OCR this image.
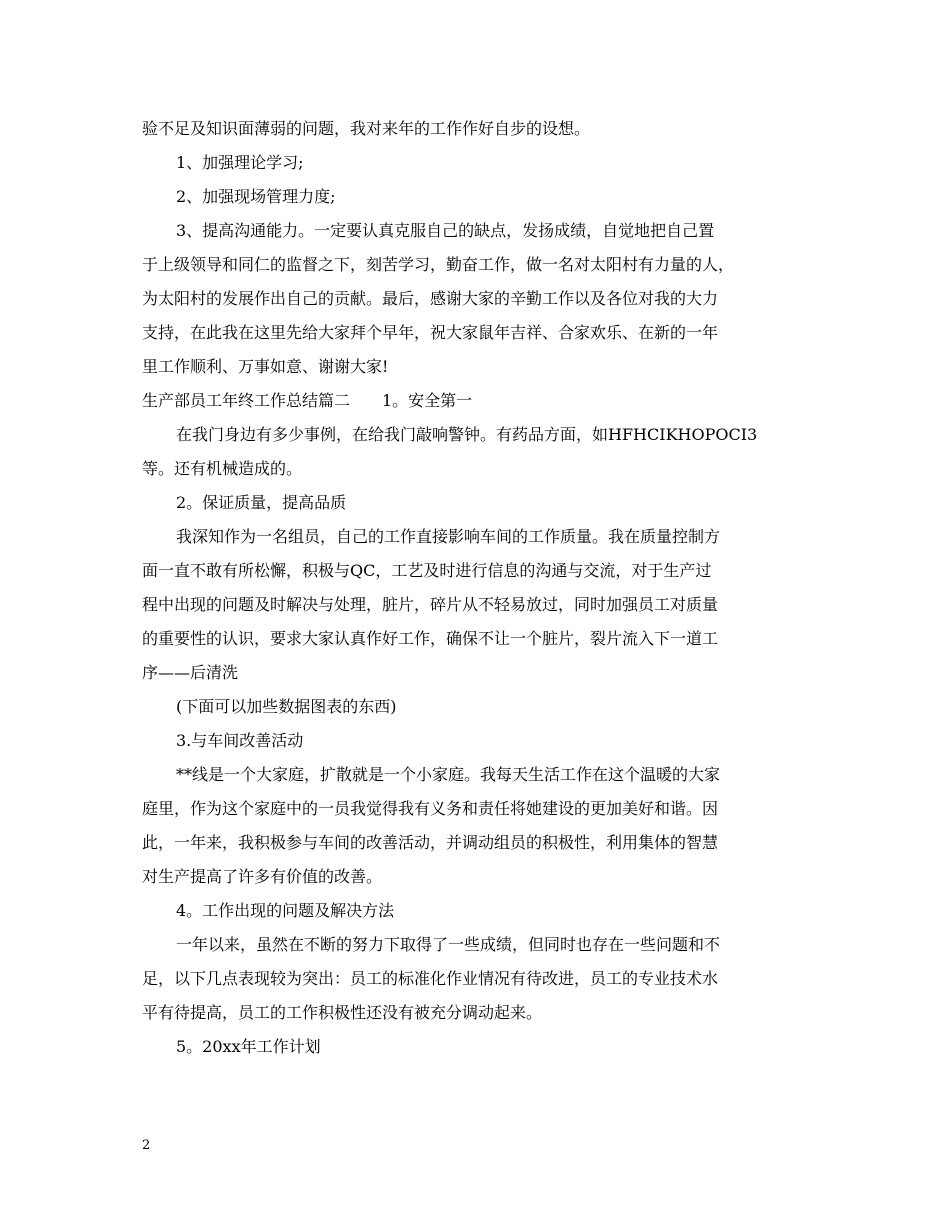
验不足及知识面薄弱的问题，我对来年的工作作好自步的设想。
1、加强理论学习;
2、加强现场管理力度;
3、提高沟通能力。一定要认真克服自己的缺点，发扬成绩，自觉地把自己置
于上级领导和同仁的监督之下，刻苦学习，勤奋工作，做一名对太阳村有力量的人，
为太阳村的发展作出自己的贡献。最后，感谢大家的辛勤工作以及各位对我的大力
支持，在此我在这里先给大家拜个早年，祝大家鼠年吉祥、合家欢乐、在新的一年
里工作顺利、万事如意、谢谢大家!
生产部员工年终工作总结篇二　　1。安全第一
在我门身边有多少事例，在给我门敲响警钟。有药品方面，如HFHCIKHOPOCI3
等。还有机械造成的。
2。保证质量，提高品质
我深知作为一名组员，自己的工作直接影响车间的工作质量。我在质量控制方
面一直不敢有所松懈，积极与QC，工艺及时进行信息的沟通与交流，对于生产过
程中出现的问题及时解决与处理，脏片，碎片从不轻易放过，同时加强员工对质量
的重要性的认识，要求大家认真作好工作，确保不让一个脏片，裂片流入下一道工
序——后清洗
(下面可以加些数据图表的东西)
3.与车间改善活动
**线是一个大家庭，扩散就是一个小家庭。我每天生活工作在这个温暖的大家
庭里，作为这个家庭中的一员我觉得我有义务和责任将她建设的更加美好和谐。因
此，一年来，我积极参与车间的改善活动，并调动组员的积极性，利用集体的智慧
对生产提高了许多有价值的改善。
4。工作出现的问题及解决方法
一年以来，虽然在不断的努力下取得了一些成绩，但同时也存在一些问题和不
足，以下几点表现较为突出：员工的标准化作业情况有待改进，员工的专业技术水
平有待提高，员工的工作积极性还没有被充分调动起来。
5。20xx年工作计划
2
